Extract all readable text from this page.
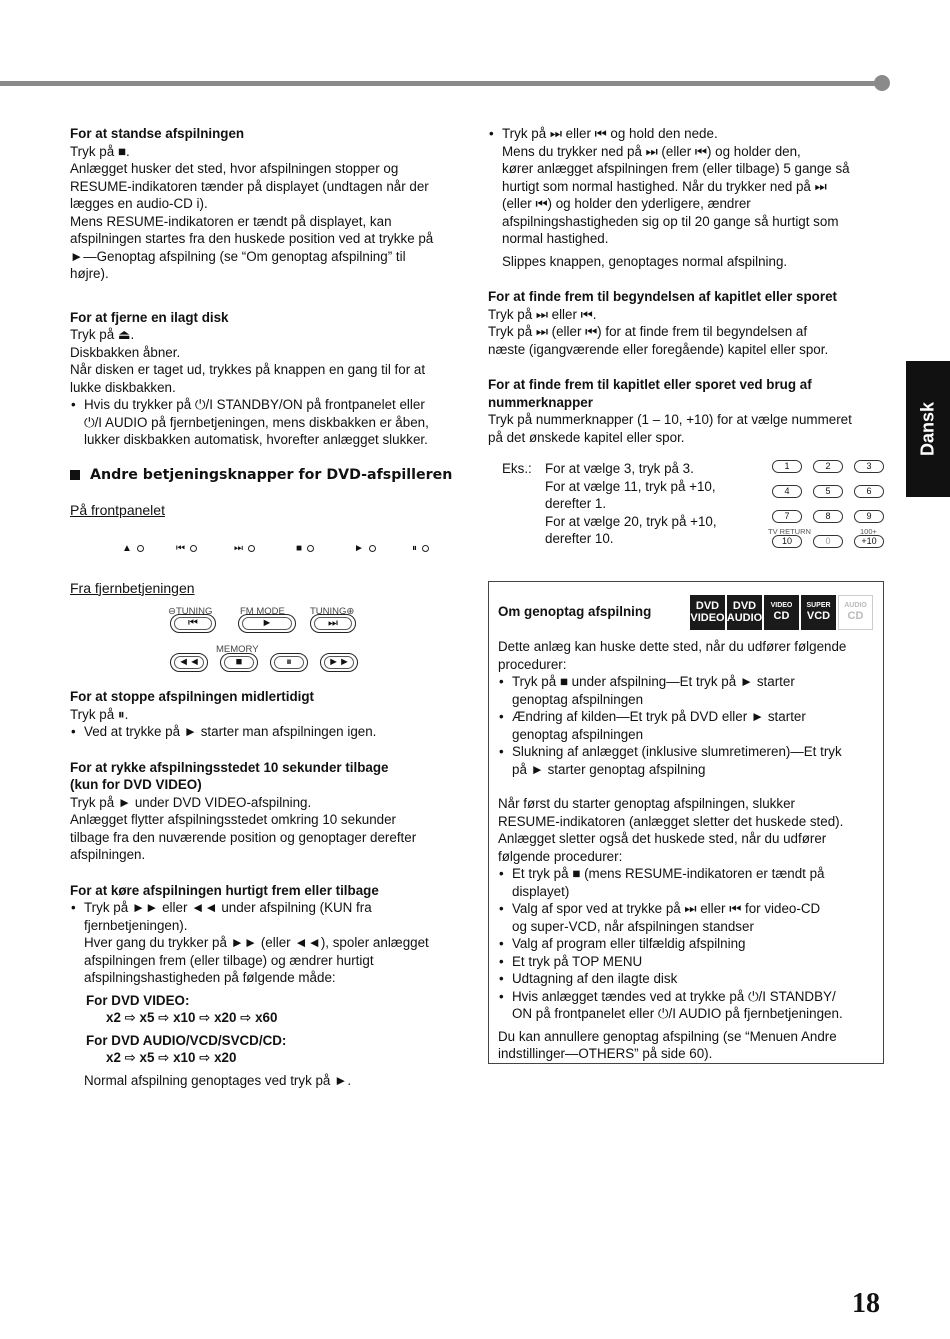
For at standse afspilningen
Tryk på ■.
Anlægget husker det sted, hvor afspilningen stopper og
RESUME-indikatoren tænder på displayet (undtagen når der
lægges en audio-CD i).
Mens RESUME-indikatoren er tændt på displayet, kan
afspilningen startes fra den huskede position ved at trykke på
►—Genoptag afspilning (se “Om genoptag afspilning” til
højre).
For at fjerne en ilagt disk
Tryk på ⏏.
Diskbakken åbner.
Når disken er taget ud, trykkes på knappen en gang til for at
lukke diskbakken.
• Hvis du trykker på ⏻/I STANDBY/ON på frontpanelet eller
⏻/I AUDIO på fjernbetjeningen, mens diskbakken er åben,
lukker diskbakken automatisk, hvorefter anlægget slukker.
Andre betjeningsknapper for DVD-afspilleren
På frontpanelet
▲	⏮	⏭	■	►	⏸
Fra fjernbetjeningen
⊖TUNING	FM MODE	TUNING⊕
⏮	►	⏭
MEMORY
◄◄	■	⏸	►►
For at stoppe afspilningen midlertidigt
Tryk på ⏸.
• Ved at trykke på ► starter man afspilningen igen.
For at rykke afspilningsstedet 10 sekunder tilbage
(kun for DVD VIDEO)
Tryk på ► under DVD VIDEO-afspilning.
Anlægget flytter afspilningsstedet omkring 10 sekunder
tilbage fra den nuværende position og genoptager derefter
afspilningen.
For at køre afspilningen hurtigt frem eller tilbage
• Tryk på ►► eller ◄◄ under afspilning (KUN fra
fjernbetjeningen).
Hver gang du trykker på ►► (eller ◄◄), spoler anlægget
afspilningen frem (eller tilbage) og ændrer hurtigt
afspilningshastigheden på følgende måde:
For DVD VIDEO:
x2 ⇨ x5 ⇨ x10 ⇨ x20 ⇨ x60
For DVD AUDIO/VCD/SVCD/CD:
x2 ⇨ x5 ⇨ x10 ⇨ x20
Normal afspilning genoptages ved tryk på ►.
• Tryk på ⏭ eller ⏮ og hold den nede.
Mens du trykker ned på ⏭ (eller ⏮) og holder den,
kører anlægget afspilningen frem (eller tilbage) 5 gange så
hurtigt som normal hastighed. Når du trykker ned på ⏭
(eller ⏮) og holder den yderligere, ændrer
afspilningshastigheden sig op til 20 gange så hurtigt som
normal hastighed.
Slippes knappen, genoptages normal afspilning.
For at finde frem til begyndelsen af kapitlet eller sporet
Tryk på ⏭ eller ⏮.
Tryk på ⏭ (eller ⏮) for at finde frem til begyndelsen af
næste (igangværende eller foregående) kapitel eller spor.
For at finde frem til kapitlet eller sporet ved brug af
nummerknapper
Tryk på nummerknapper (1 – 10, +10) for at vælge nummeret
på det ønskede kapitel eller spor.
Eks.: For at vælge 3, tryk på 3.
For at vælge 11, tryk på +10,
derefter 1.
For at vælge 20, tryk på +10,
derefter 10.
1	2	3
4	5	6
7	8	9
TV RETURN	100+
10	0	+10
Om genoptag afspilning	DVD
VIDEO
DVD
AUDIO
VIDEO
CD
SUPER
VCD
AUDIO
CD
Dette anlæg kan huske dette sted, når du udfører følgende
procedurer:
• Tryk på ■ under afspilning—Et tryk på ► starter
genoptag afspilningen
• Ændring af kilden—Et tryk på DVD eller ► starter
genoptag afspilningen
• Slukning af anlægget (inklusive slumretimeren)—Et tryk
på ► starter genoptag afspilning
Når først du starter genoptag afspilningen, slukker
RESUME-indikatoren (anlægget sletter det huskede sted).
Anlægget sletter også det huskede sted, når du udfører
følgende procedurer:
• Et tryk på ■ (mens RESUME-indikatoren er tændt på
displayet)
• Valg af spor ved at trykke på ⏭ eller ⏮ for video-CD
og super-VCD, når afspilningen standser
• Valg af program eller tilfældig afspilning
• Et tryk på TOP MENU
• Udtagning af den ilagte disk
• Hvis anlægget tændes ved at trykke på ⏻/I STANDBY/
ON på frontpanelet eller ⏻/I AUDIO på fjernbetjeningen.
Du kan annullere genoptag afspilning (se “Menuen Andre
indstillinger—OTHERS” på side 60).
Dansk
18
